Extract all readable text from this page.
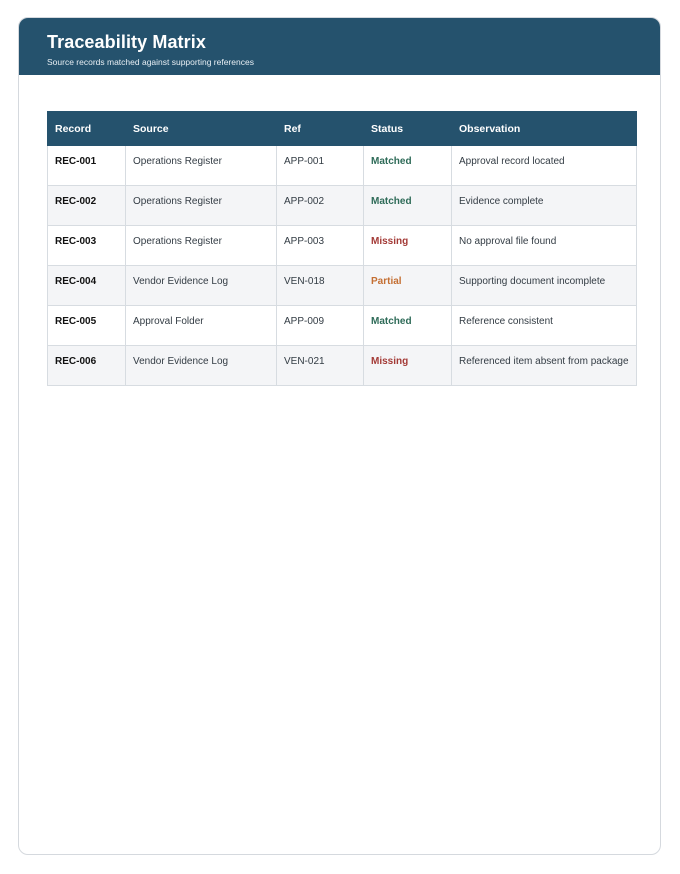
Traceability Matrix
Source records matched against supporting references
Record	Source	Ref	Status	Observation
REC-001	Operations Register	APP-001	Matched	Approval record located
REC-002	Operations Register	APP-002	Matched	Evidence complete
REC-003	Operations Register	APP-003	Missing	No approval file found
REC-004	Vendor Evidence Log	VEN-018	Partial	Supporting document incomplete
REC-005	Approval Folder	APP-009	Matched	Reference consistent
REC-006	Vendor Evidence Log	VEN-021	Missing	Referenced item absent from package
